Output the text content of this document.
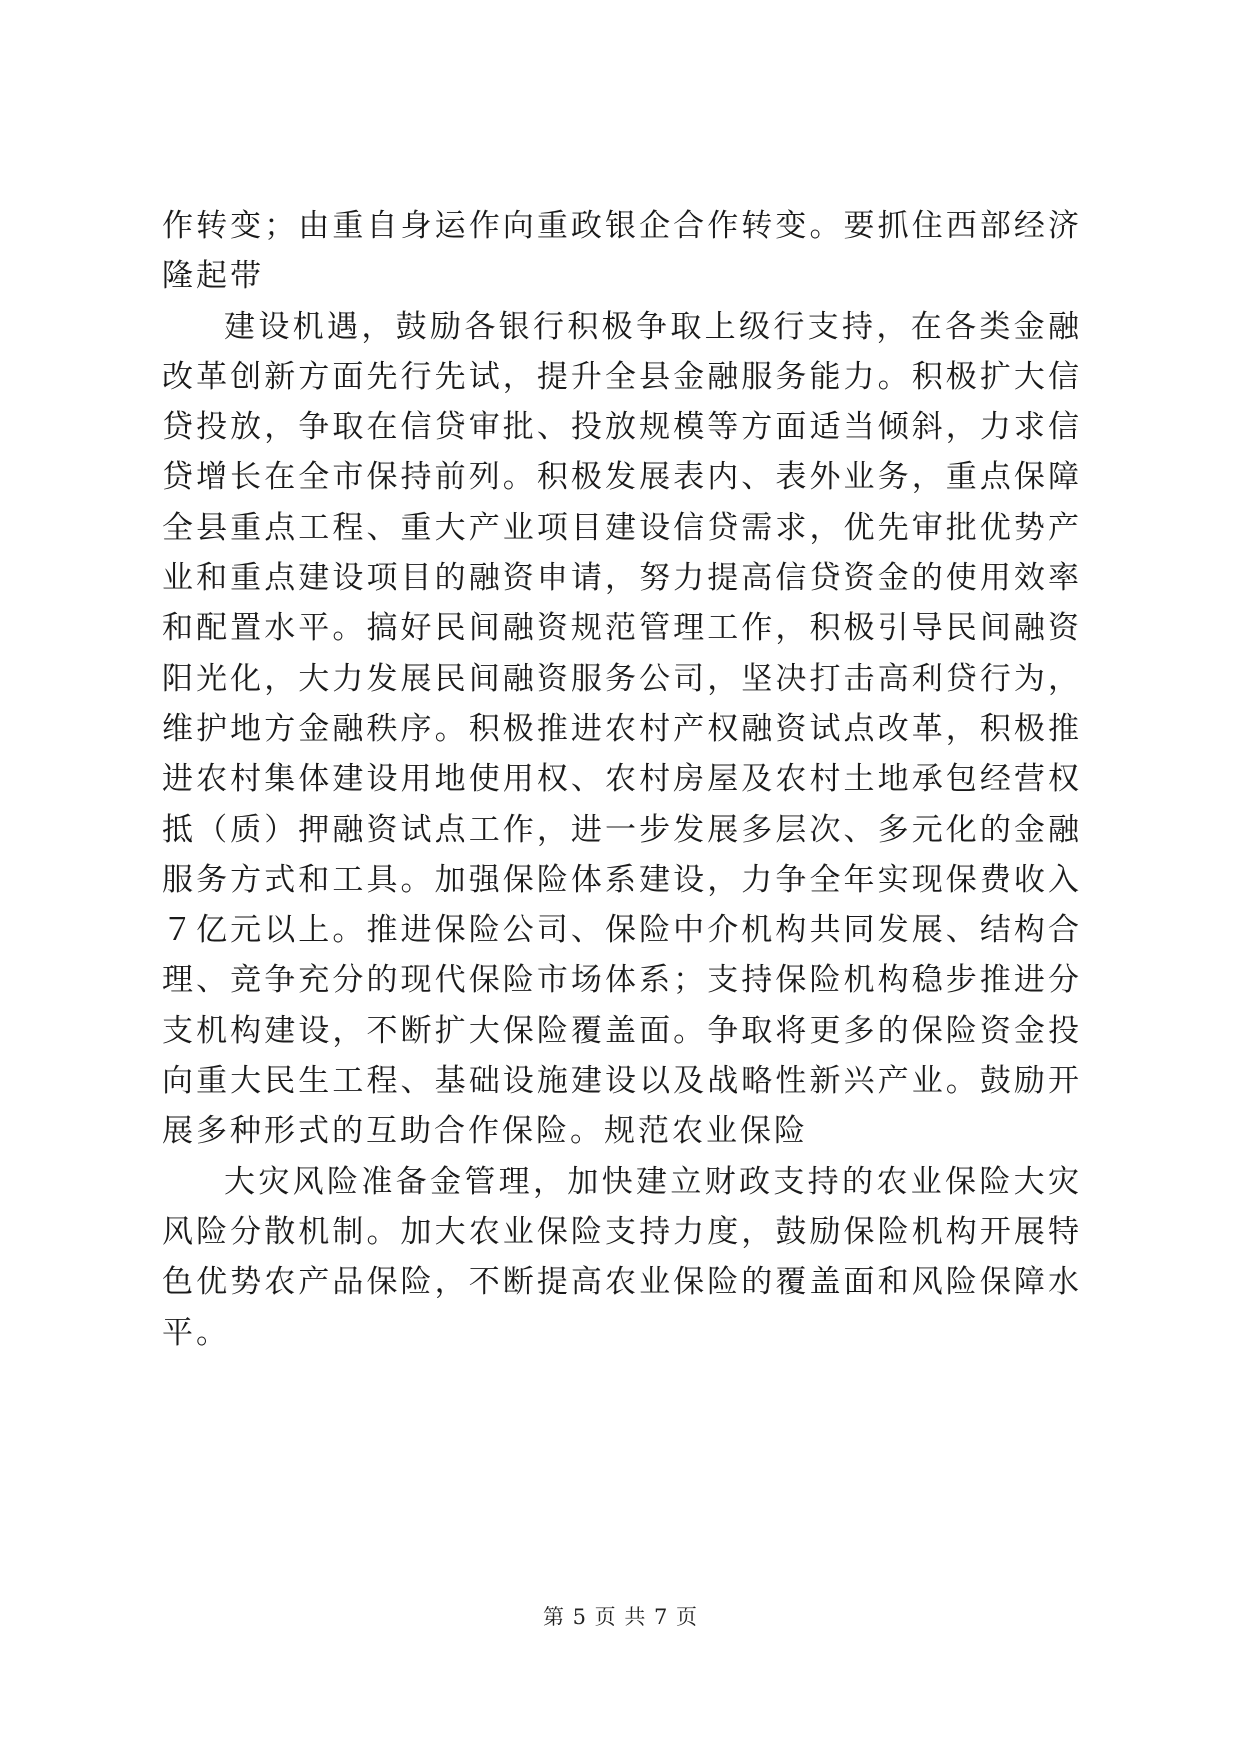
作转变；由重自身运作向重政银企合作转变。要抓住西部经济隆起带

建设机遇，鼓励各银行积极争取上级行支持，在各类金融改革创新方面先行先试，提升全县金融服务能力。积极扩大信贷投放，争取在信贷审批、投放规模等方面适当倾斜，力求信贷增长在全市保持前列。积极发展表内、表外业务，重点保障全县重点工程、重大产业项目建设信贷需求，优先审批优势产业和重点建设项目的融资申请，努力提高信贷资金的使用效率和配置水平。搞好民间融资规范管理工作，积极引导民间融资阳光化，大力发展民间融资服务公司，坚决打击高利贷行为，维护地方金融秩序。积极推进农村产权融资试点改革，积极推进农村集体建设用地使用权、农村房屋及农村土地承包经营权抵（质）押融资试点工作，进一步发展多层次、多元化的金融服务方式和工具。加强保险体系建设，力争全年实现保费收入７亿元以上。推进保险公司、保险中介机构共同发展、结构合理、竞争充分的现代保险市场体系；支持保险机构稳步推进分支机构建设，不断扩大保险覆盖面。争取将更多的保险资金投向重大民生工程、基础设施建设以及战略性新兴产业。鼓励开展多种形式的互助合作保险。规范农业保险

大灾风险准备金管理，加快建立财政支持的农业保险大灾风险分散机制。加大农业保险支持力度，鼓励保险机构开展特色优势农产品保险，不断提高农业保险的覆盖面和风险保障水平。

第 5 页 共 7 页
